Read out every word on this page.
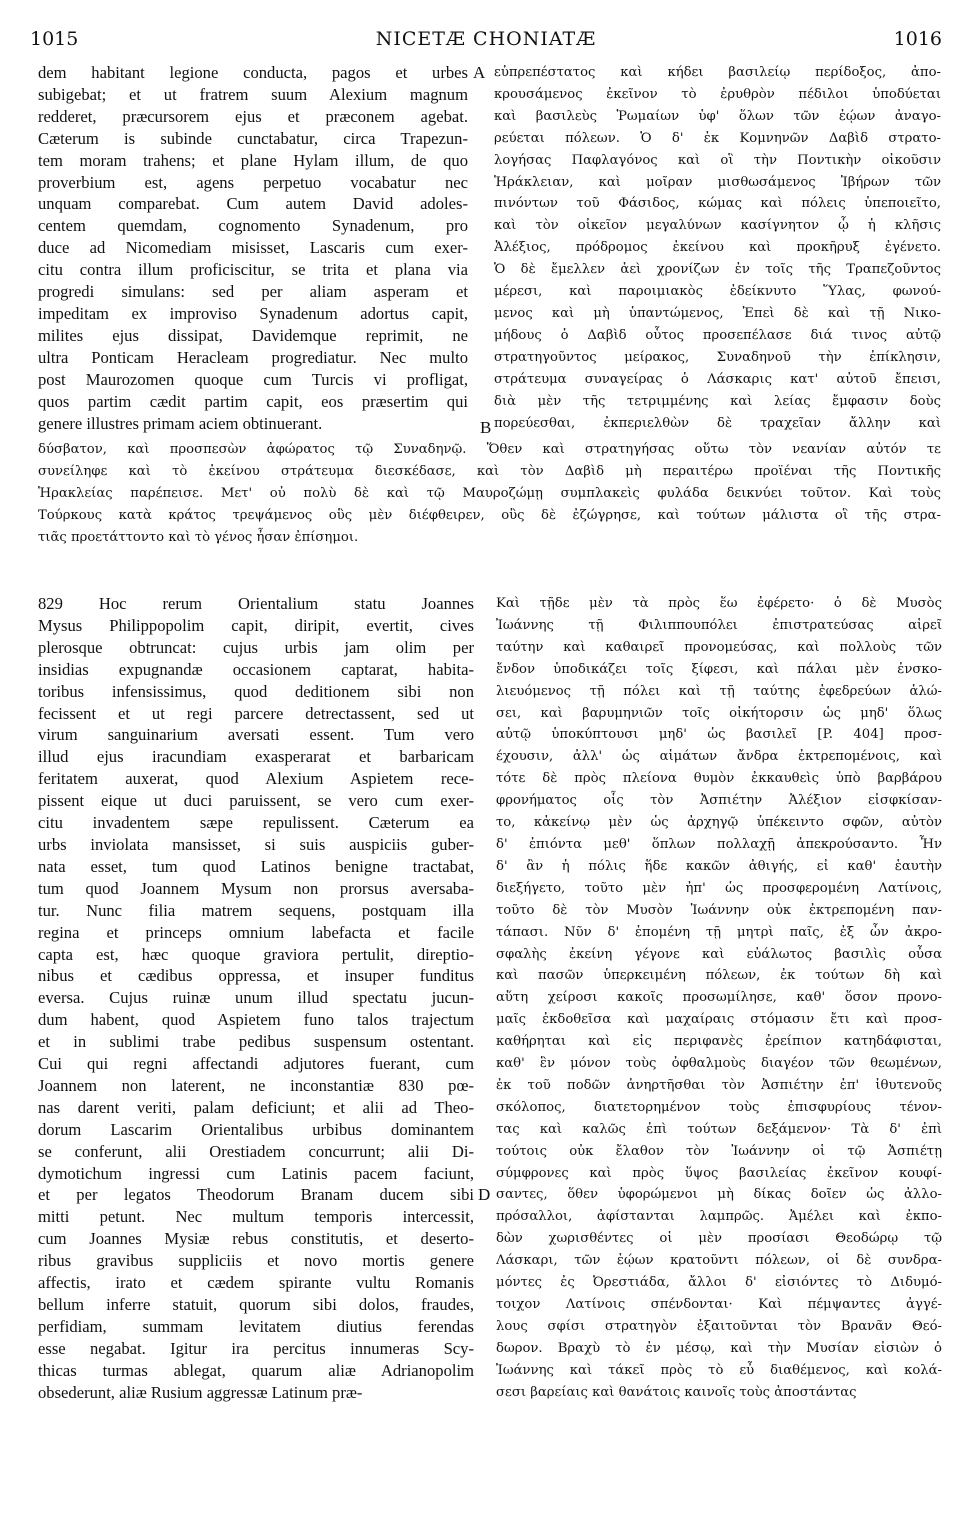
1015	NICETÆ CHONIATÆ	1016
dem habitant legione conducta, pagos et urbes
subigebat; et ut fratrem suum Alexium magnum
redderet, præcursorem ejus et præconem agebat.
Cæterum is subinde cunctabatur, circa Trapezun-
tem moram trahens; et plane Hylam illum, de quo
proverbium est, agens perpetuo vocabatur nec
unquam comparebat. Cum autem David adoles-
centem quemdam, cognomento Synadenum, pro
duce ad Nicomediam misisset, Lascaris cum exer-
citu contra illum proficiscitur, se trita et plana via
progredi simulans: sed per aliam asperam et
impeditam ex improviso Synadenum adortus capit,
milites ejus dissipat, Davidemque reprimit, ne
ultra Ponticam Heracleam progrediatur. Nec multo
post Maurozomen quoque cum Turcis vi profligat,
quos partim cædit partim capit, eos præsertim qui
genere illustres primam aciem obtinuerant.
εὐπρεπέστατος καὶ κήδει βασιλείῳ περίδοξος, ἀπο-
κρουσάμενος ἐκεῖνον τὸ ἐρυθρὸν πέδιλοι ὑποδύεται
καὶ βασιλεὺς Ῥωμαίων ὑφ' ὅλων τῶν ἐῴων ἀναγο-
ρεύεται πόλεων. Ὁ δ' ἐκ Κομνηνῶν Δαβὶδ στρατο-
λογήσας Παφλαγόνος καὶ οἳ τὴν Ποντικὴν οἰκοῦσιν
Ἡράκλειαν, καὶ μοῖραν μισθωσάμενος Ἰβήρων τῶν
πινόντων τοῦ Φάσιδος, κώμας καὶ πόλεις ὑπεποιεῖτο,
καὶ τὸν οἰκεῖον μεγαλύνων κασίγνητον ᾧ ἡ κλῆσις
Ἀλέξιος, πρόδρομος ἐκείνου καὶ προκῆρυξ ἐγένετο.
Ὁ δὲ ἔμελλεν ἀεὶ χρονίζων ἐν τοῖς τῆς Τραπεζοῦντος
μέρεσι, καὶ παροιμιακὸς ἐδείκνυτο Ὕλας, φωνού-
μενος καὶ μὴ ὑπαντώμενος, Ἐπεὶ δὲ καὶ τῇ Νικο-
μήδους ὁ Δαβὶδ οὗτος προσεπέλασε διά τινος αὐτῷ
στρατηγοῦντος μείρακος, Συναδηνοῦ τὴν ἐπίκλησιν,
στράτευμα συναγείρας ὁ Λάσκαρις κατ' αὐτοῦ ἔπεισι,
διὰ μὲν τῆς τετριμμένης καὶ λείας ἔμφασιν δοὺς
πορεύεσθαι, ἐκπεριελθὼν δὲ τραχεῖαν ἄλλην καὶ
δύσβατον, καὶ προσπεσὼν ἀφώρατος τῷ Συναδηνῷ. Ὅθεν καὶ στρατηγήσας οὕτω τὸν νεανίαν αὐτόν τε
συνείληφε καὶ τὸ ἐκείνου στράτευμα διεσκέδασε, καὶ τὸν Δαβὶδ μὴ περαιτέρω προϊέναι τῆς Ποντικῆς
Ἡρακλείας παρέπεισε. Μετ' οὐ πολὺ δὲ καὶ τῷ Μαυροζώμῃ συμπλακεὶς φυλάδα δεικνύει τοῦτον. Καὶ τοὺς
Τούρκους κατὰ κράτος τρεψάμενος οὓς μὲν διέφθειρεν, οὓς δὲ ἐζώγρησε, καὶ τούτων μάλιστα οἳ τῆς στρα-
τιᾶς προετάττοντο καὶ τὸ γένος ἦσαν ἐπίσημοι.
829 Hoc rerum Orientalium statu Joannes
Mysus Philippopolim capit, diripit, evertit, cives
plerosque obtruncat: cujus urbis jam olim per
insidias expugnandæ occasionem captarat, habita-
toribus infensissimus, quod deditionem sibi non
fecissent et ut regi parcere detrectassent, sed ut
virum sanguinarium aversati essent. Tum vero
illud ejus iracundiam exasperarat et barbaricam
feritatem auxerat, quod Alexium Aspietem rece-
pissent eique ut duci paruissent, se vero cum exer-
citu invadentem sæpe repulissent. Cæterum ea
urbs inviolata mansisset, si suis auspiciis guber-
nata esset, tum quod Latinos benigne tractabat,
tum quod Joannem Mysum non prorsus aversaba-
tur. Nunc filia matrem sequens, postquam illa
regina et princeps omnium labefacta et facile
capta est, hæc quoque graviora pertulit, direptio-
nibus et cædibus oppressa, et insuper funditus
eversa. Cujus ruinæ unum illud spectatu jucun-
dum habent, quod Aspietem funo talos trajectum
et in sublimi trabe pedibus suspensum ostentant.
Cui qui regni affectandi adjutores fuerant, cum
Joannem non laterent, ne inconstantiæ 830 pœ-
nas darent veriti, palam deficiunt; et alii ad Theo-
dorum Lascarim Orientalibus urbibus dominantem
se conferunt, alii Orestiadem concurrunt; alii Di-
dymotichum ingressi cum Latinis pacem faciunt,
et per legatos Theodorum Branam ducem sibi
mitti petunt. Nec multum temporis intercessit,
cum Joannes Mysiæ rebus constitutis, et deserto-
ribus gravibus suppliciis et novo mortis genere
affectis, irato et cædem spirante vultu Romanis
bellum inferre statuit, quorum sibi dolos, fraudes,
perfidiam, summam levitatem diutius ferendas
esse negabat. Igitur ira percitus innumeras Scy-
thicas turmas ablegat, quarum aliæ Adrianopolim
obsederunt, aliæ Rusium aggressæ Latinum præ-
Καὶ τῇδε μὲν τὰ πρὸς ἕω ἐφέρετο· ὁ δὲ Μυσὸς
Ἰωάννης τῇ Φιλιππουπόλει ἐπιστρατεύσας αἱρεῖ
ταύτην καὶ καθαιρεῖ προνομεύσας, καὶ πολλοὺς τῶν
ἔνδον ὑποδικάζει τοῖς ξίφεσι, καὶ πάλαι μὲν ἐνσκο-
λιευόμενος τῇ πόλει καὶ τῇ ταύτης ἐφεδρεύων ἁλώ-
σει, καὶ βαρυμηνιῶν τοῖς οἰκήτορσιν ὡς μηδ' ὅλως
αὐτῷ ὑποκύπτουσι μηδ' ὡς βασιλεῖ [P. 404] προσ-
έχουσιν, ἀλλ' ὡς αἱμάτων ἄνδρα ἐκτρεπομένοις, καὶ
τότε δὲ πρὸς πλείονα θυμὸν ἐκκαυθεὶς ὑπὸ βαρβάρου
φρονήματος οἷς τὸν Ἀσπιέτην Ἀλέξιον εἰσφκίσαν-
το, κἀκείνῳ μὲν ὡς ἀρχηγῷ ὑπέκειντο σφῶν, αὐτὸν
δ' ἐπιόντα μεθ' ὅπλων πολλαχῇ ἀπεκρούσαντο. Ἦν
δ' ἂν ἡ πόλις ἥδε κακῶν ἀθιγής, εἰ καθ' ἑαυτὴν
διεξήγετο, τοῦτο μὲν ἠπ' ὡς προσφερομένη Λατίνοις,
τοῦτο δὲ τὸν Μυσὸν Ἰωάννην οὐκ ἐκτρεπομένη παν-
τάπασι. Νῦν δ' ἑπομένη τῇ μητρὶ παῖς, ἐξ ὧν ἀκρο-
σφαλὴς ἐκείνη γέγονε καὶ εὐάλωτος βασιλὶς οὖσα
καὶ πασῶν ὑπερκειμένη πόλεων, ἐκ τούτων δὴ καὶ
αὕτη χείροσι κακοῖς προσωμίλησε, καθ' ὅσον προνο-
μαῖς ἐκδοθεῖσα καὶ μαχαίραις στόμασιν ἔτι καὶ προσ-
καθήρηται καὶ εἰς περιφανὲς ἐρείπιον κατηδάφισται,
καθ' ἓν μόνον τοὺς ὀφθαλμοὺς διαγέον τῶν θεωμένων,
ἐκ τοῦ ποδῶν ἀνηρτῆσθαι τὸν Ἀσπιέτην ἐπ' ἰθυτενοῦς
σκόλοπος, διατετορημένον τοὺς ἐπισφυρίους τένον-
τας καὶ καλῶς ἐπὶ τούτων δεξάμενον· Τὰ δ' ἐπὶ
τούτοις οὐκ ἔλαθον τὸν Ἰωάννην οἱ τῷ Ἀσπιέτῃ
σύμφρονες καὶ πρὸς ὕψος βασιλείας ἐκεῖνον κουφί-
σαντες, ὅθεν ὑφορώμενοι μὴ δίκας δοῖεν ὡς ἀλλο-
πρόσαλλοι, ἀφίστανται λαμπρῶς. Ἀμέλει καὶ ἐκπο-
δὼν χωρισθέντες οἱ μὲν προσίασι Θεοδώρῳ τῷ
Λάσκαρι, τῶν ἑῴων κρατοῦντι πόλεων, οἱ δὲ συνδρα-
μόντες ἐς Ὀρεστιάδα, ἄλλοι δ' εἰσιόντες τὸ Διδυμό-
τοιχον Λατίνοις σπένδονται· Καὶ πέμψαντες ἀγγέ-
λους σφίσι στρατηγὸν ἐξαιτοῦνται τὸν Βρανᾶν Θεό-
δωρον. Βραχὺ τὸ ἐν μέσῳ, καὶ τὴν Μυσίαν εἰσιὼν ὁ
Ἰωάννης καὶ τάκεῖ πρὸς τὸ εὖ διαθέμενος, καὶ κολά-
σεσι βαρείαις καὶ θανάτοις καινοῖς τοὺς ἀποστάντας
A
B
D
